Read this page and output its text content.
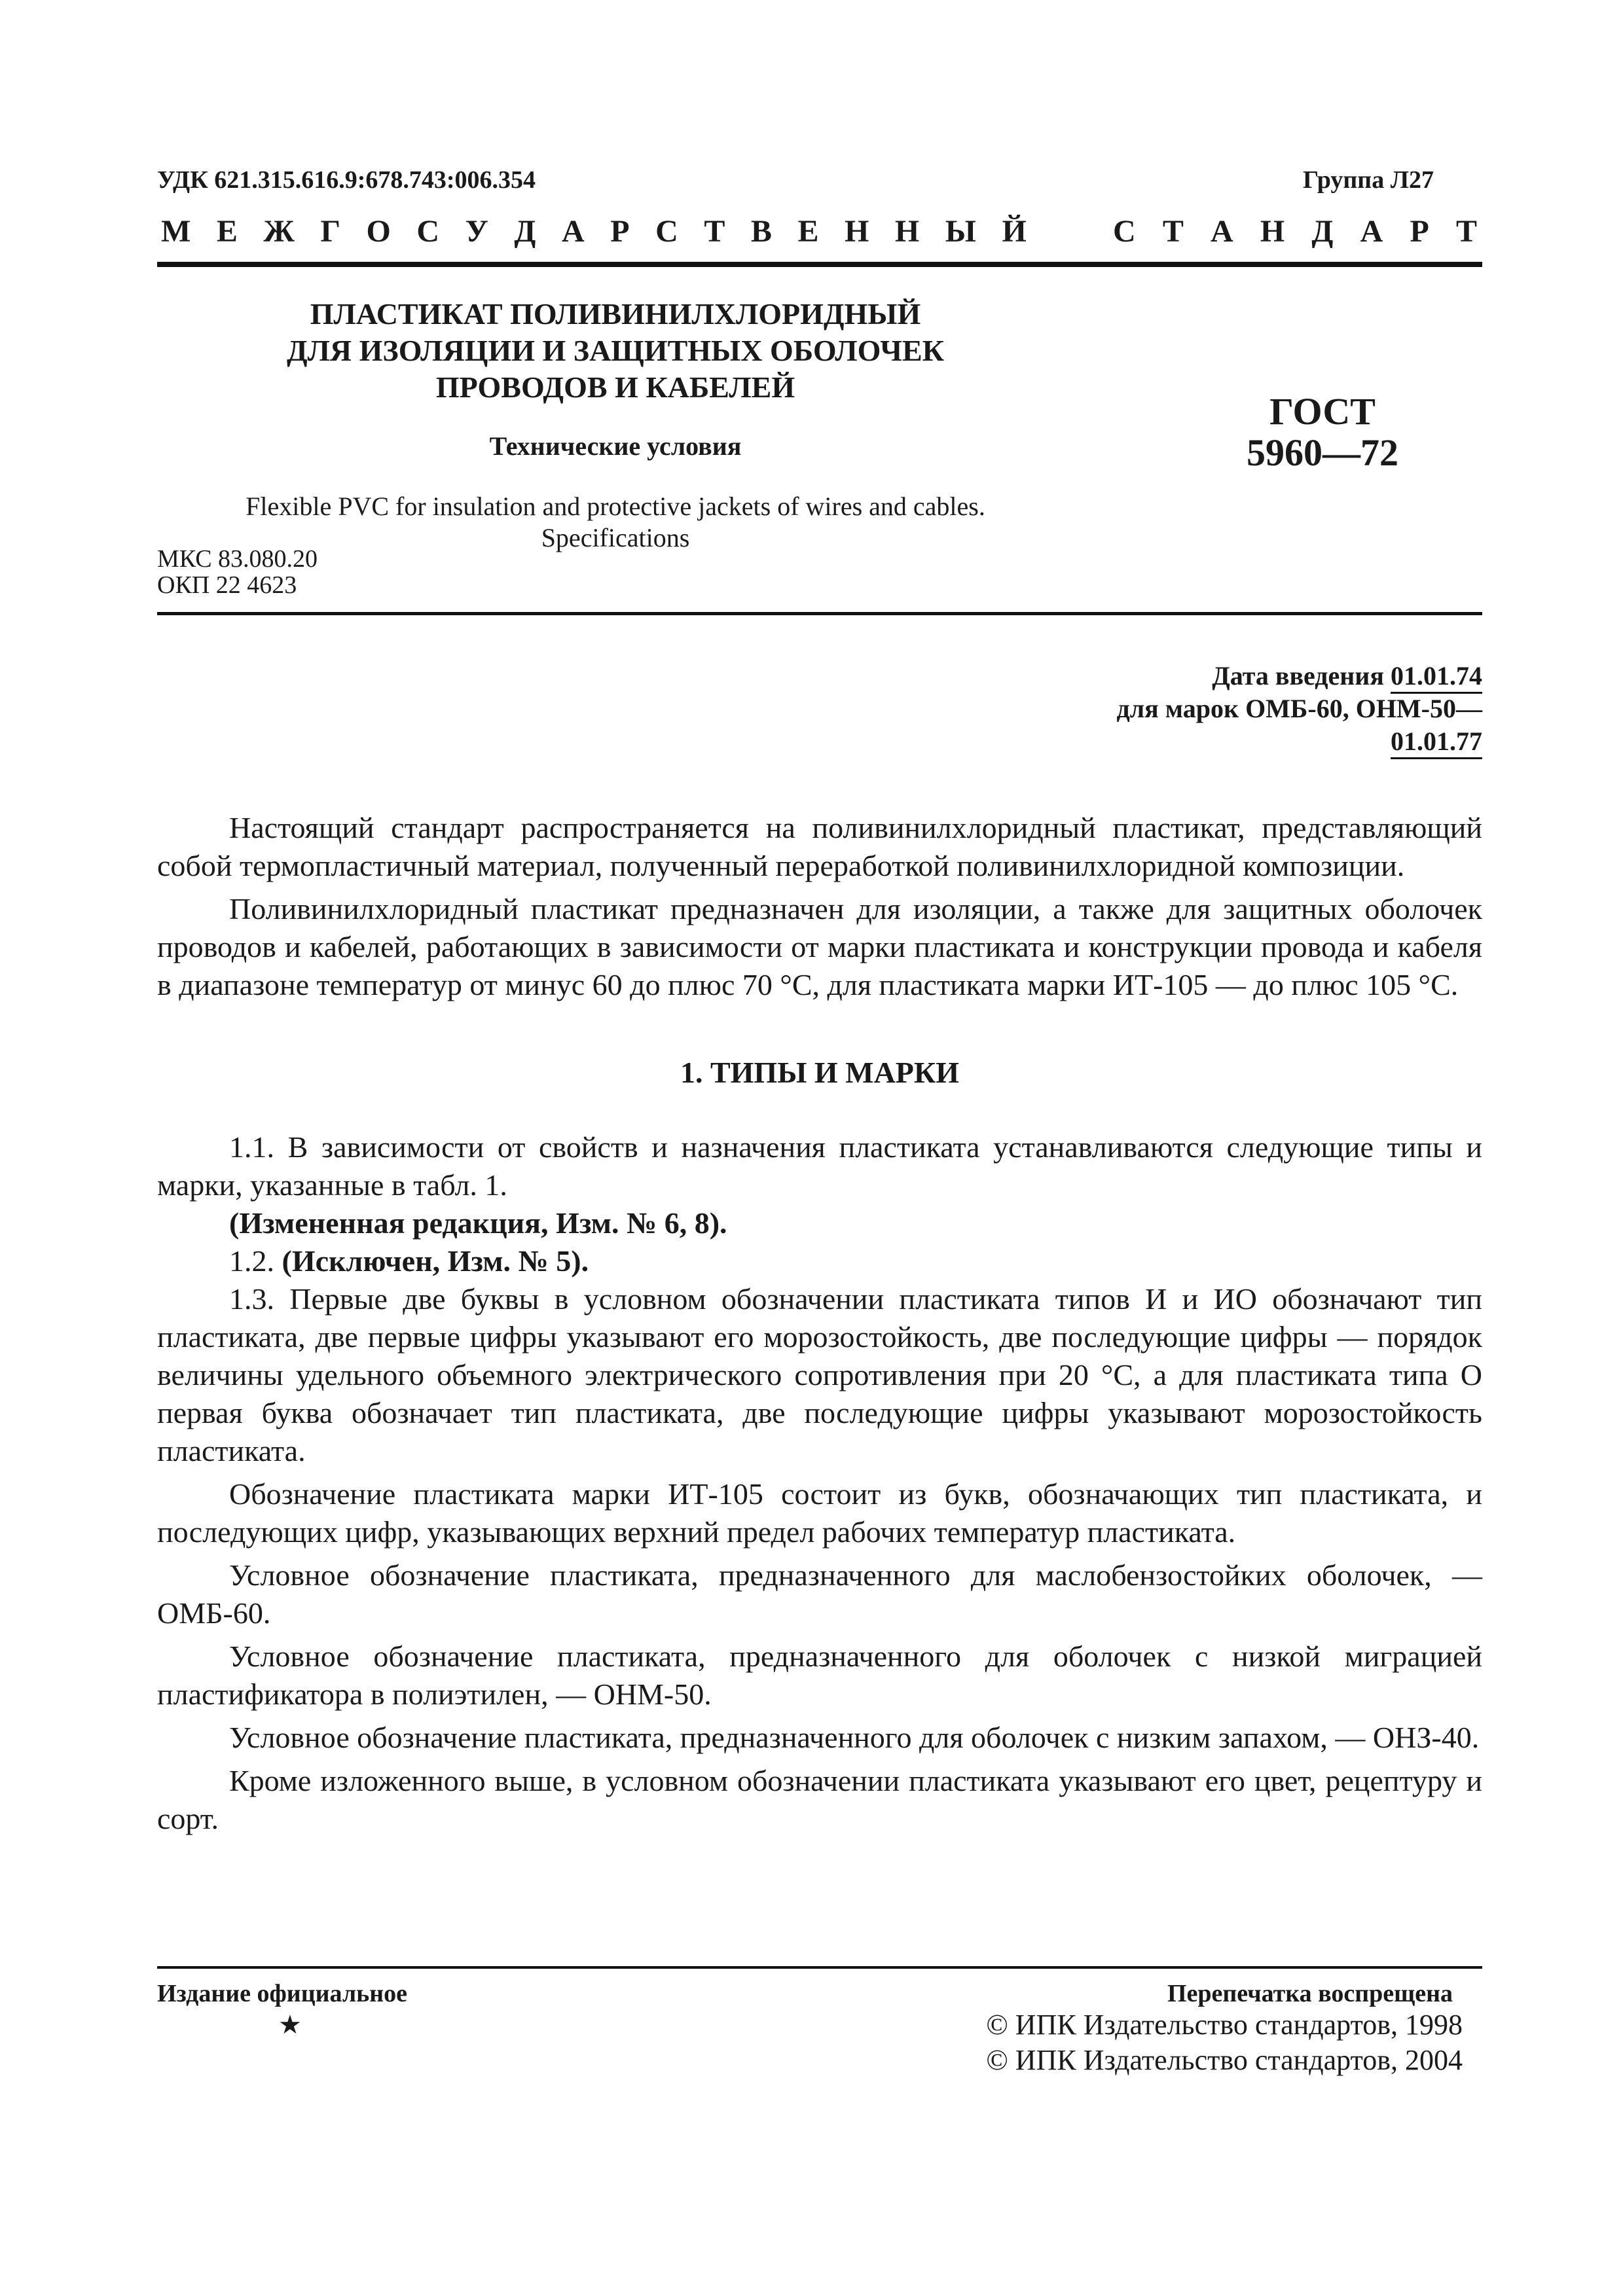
УДК 621.315.616.9:678.743:006.354	Группа Л27
М Е Ж Г О С У Д А Р С Т В Е Н Н Ы Й	С Т А Н Д А Р Т
ПЛАСТИКАТ ПОЛИВИНИЛХЛОРИДНЫЙ
ДЛЯ ИЗОЛЯЦИИ И ЗАЩИТНЫХ ОБОЛОЧЕК
ПРОВОДОВ И КАБЕЛЕЙ
Технические условия
ГОСТ
5960—72
Flexible PVC for insulation and protective jackets of wires and cables.
Specifications
МКС 83.080.20
ОКП 22 4623
Дата введения 01.01.74
для марок ОМБ-60, ОНМ-50—
01.01.77

Настоящий стандарт распространяется на поливинилхлоридный пластикат, представляющий собой термопластичный материал, полученный переработкой поливинилхлоридной композиции.

Поливинилхлоридный пластикат предназначен для изоляции, а также для защитных оболочек проводов и кабелей, работающих в зависимости от марки пластиката и конструкции провода и кабеля в диапазоне температур от минус 60 до плюс 70 °С, для пластиката марки ИТ-105 — до плюс 105 °С.

1. ТИПЫ И МАРКИ

1.1. В зависимости от свойств и назначения пластиката устанавливаются следующие типы и марки, указанные в табл. 1.

(Измененная редакция, Изм. № 6, 8).

1.2. (Исключен, Изм. № 5).

1.3. Первые две буквы в условном обозначении пластиката типов И и ИО обозначают тип пластиката, две первые цифры указывают его морозостойкость, две последующие цифры — порядок величины удельного объемного электрического сопротивления при 20 °С, а для пластиката типа О первая буква обозначает тип пластиката, две последующие цифры указывают морозостойкость пластиката.

Обозначение пластиката марки ИТ-105 состоит из букв, обозначающих тип пластиката, и последующих цифр, указывающих верхний предел рабочих температур пластиката.

Условное обозначение пластиката, предназначенного для маслобензостойких оболочек, — ОМБ-60.

Условное обозначение пластиката, предназначенного для оболочек с низкой миграцией пластификатора в полиэтилен, — ОНМ-50.

Условное обозначение пластиката, предназначенного для оболочек с низким запахом, — ОНЗ-40.

Кроме изложенного выше, в условном обозначении пластиката указывают его цвет, рецептуру и сорт.

Издание официальное
★
Перепечатка воспрещена
© ИПК Издательство стандартов, 1998
© ИПК Издательство стандартов, 2004
